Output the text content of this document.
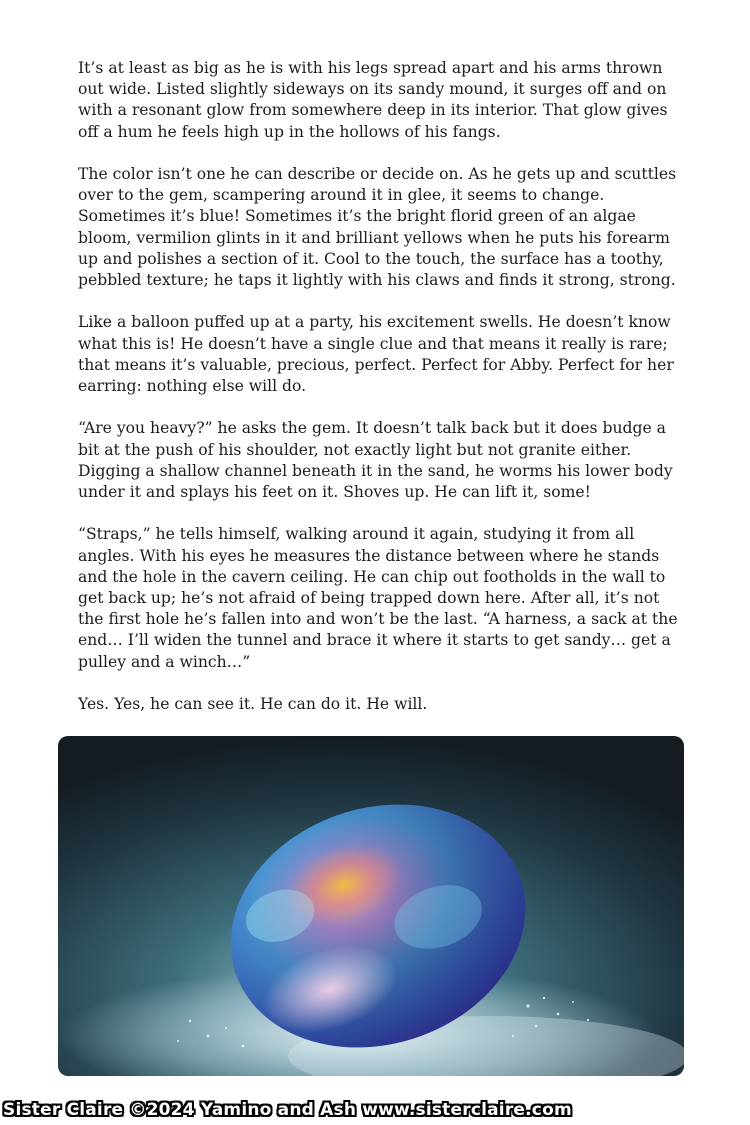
It’s at least as big as he is with his legs spread apart and his arms thrown out wide. Listed slightly sideways on its sandy mound, it surges off and on with a resonant glow from somewhere deep in its interior. That glow gives off a hum he feels high up in the hollows of his fangs.

The color isn’t one he can describe or decide on. As he gets up and scuttles over to the gem, scampering around it in glee, it seems to change. Sometimes it’s blue! Sometimes it’s the bright florid green of an algae bloom, vermilion glints in it and brilliant yellows when he puts his forearm up and polishes a section of it. Cool to the touch, the surface has a toothy, pebbled texture; he taps it lightly with his claws and finds it strong, strong.

Like a balloon puffed up at a party, his excitement swells. He doesn’t know what this is! He doesn’t have a single clue and that means it really is rare; that means it’s valuable, precious, perfect. Perfect for Abby. Perfect for her earring: nothing else will do.

“Are you heavy?” he asks the gem. It doesn’t talk back but it does budge a bit at the push of his shoulder, not exactly light but not granite either. Digging a shallow channel beneath it in the sand, he worms his lower body under it and splays his feet on it. Shoves up. He can lift it, some!

“Straps,” he tells himself, walking around it again, studying it from all angles. With his eyes he measures the distance between where he stands and the hole in the cavern ceiling. He can chip out footholds in the wall to get back up; he’s not afraid of being trapped down here. After all, it’s not the first hole he’s fallen into and won’t be the last. “A harness, a sack at the end… I’ll widen the tunnel and brace it where it starts to get sandy… get a pulley and a winch…”

Yes. Yes, he can see it. He can do it. He will.

Sister Claire ©2024 Yamino and Ash www.sisterclaire.com
